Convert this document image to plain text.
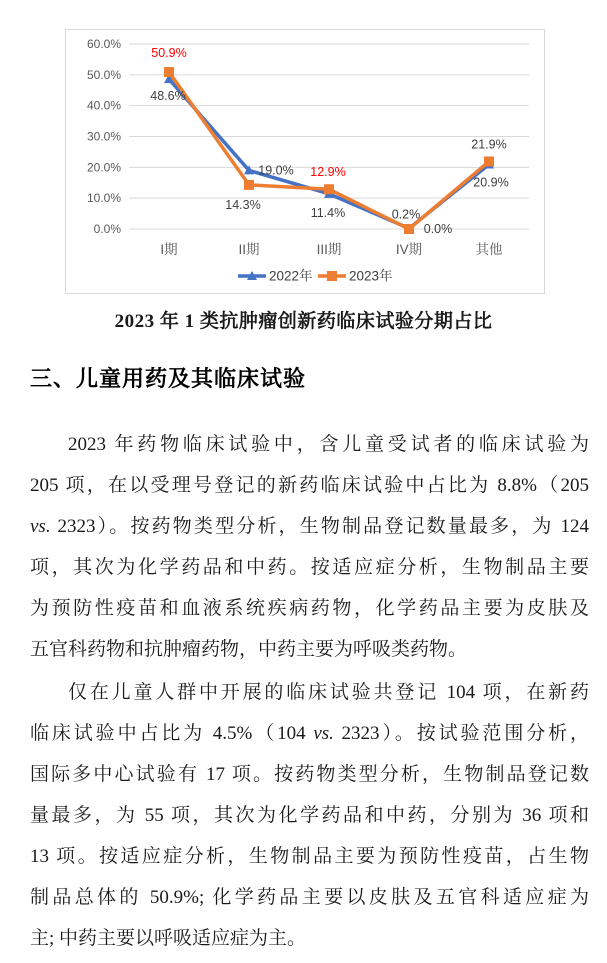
0.0%
10.0%
20.0%
30.0%
40.0%
50.0%
60.0%
I期	II期	III期	IV期	其他
48.6%
19.0%
11.4%	0.2%
20.9%
50.9%
14.3%
12.9%
0.0%
21.9%
2022年	2023年
2023 年 1 类抗肿瘤创新药临床试验分期占比
三、儿童用药及其临床试验
2023 年药物临床试验中，含儿童受试者的临床试验为
205 项，在以受理号登记的新药临床试验中占比为 8.8%（205
vs. 2323）。按药物类型分析，生物制品登记数量最多，为 124
项，其次为化学药品和中药。按适应症分析，生物制品主要
为预防性疫苗和血液系统疾病药物，化学药品主要为皮肤及
五官科药物和抗肿瘤药物，中药主要为呼吸类药物。
仅在儿童人群中开展的临床试验共登记 104 项，在新药
临床试验中占比为 4.5%（104 vs. 2323）。按试验范围分析，
国际多中心试验有 17 项。按药物类型分析，生物制品登记数
量最多，为 55 项，其次为化学药品和中药，分别为 36 项和
13 项。按适应症分析，生物制品主要为预防性疫苗，占生物
制品总体的 50.9%; 化学药品主要以皮肤及五官科适应症为
主; 中药主要以呼吸适应症为主。
